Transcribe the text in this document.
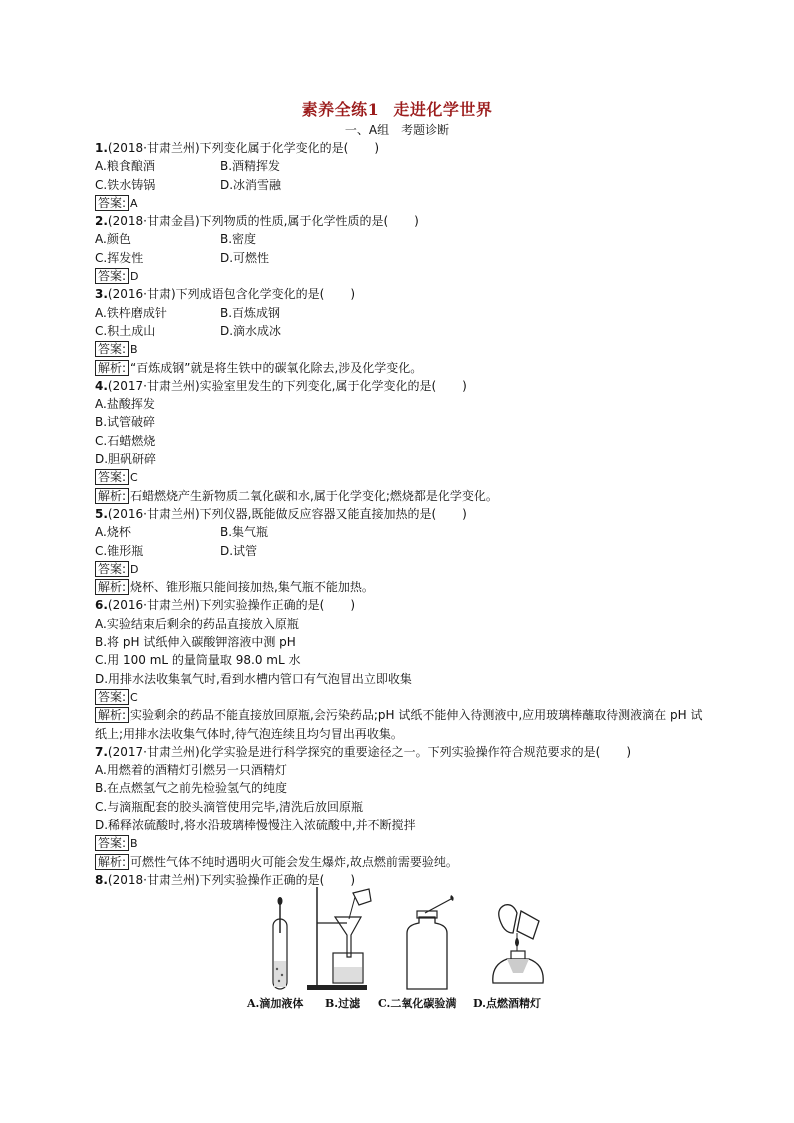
素养全练1 走进化学世界
一、A组 考题诊断
1.(2018·甘肃兰州)下列变化属于化学变化的是( )
A.粮食酿酒	B.酒精挥发
C.铁水铸锅	D.冰消雪融
答案: A
2.(2018·甘肃金昌)下列物质的性质,属于化学性质的是( )
A.颜色	B.密度
C.挥发性	D.可燃性
答案: D
3.(2016·甘肃)下列成语包含化学变化的是( )
A.铁杵磨成针	B.百炼成钢
C.积土成山	D.滴水成冰
答案: B
解析: “百炼成钢”就是将生铁中的碳氧化除去,涉及化学变化。
4.(2017·甘肃兰州)实验室里发生的下列变化,属于化学变化的是( )
A.盐酸挥发
B.试管破碎
C.石蜡燃烧
D.胆矾研碎
答案: C
解析: 石蜡燃烧产生新物质二氧化碳和水,属于化学变化;燃烧都是化学变化。
5.(2016·甘肃兰州)下列仪器,既能做反应容器又能直接加热的是( )
A.烧杯	B.集气瓶
C.锥形瓶	D.试管
答案: D
解析: 烧杯、锥形瓶只能间接加热,集气瓶不能加热。
6.(2016·甘肃兰州)下列实验操作正确的是( )
A.实验结束后剩余的药品直接放入原瓶
B.将 pH 试纸伸入碳酸钾溶液中测 pH
C.用 100 mL 的量筒量取 98.0 mL 水
D.用排水法收集氧气时,看到水槽内管口有气泡冒出立即收集
答案: C
解析: 实验剩余的药品不能直接放回原瓶,会污染药品;pH 试纸不能伸入待测液中,应用玻璃棒蘸取待测液滴在 pH 试纸上;用排水法收集气体时,待气泡连续且均匀冒出再收集。
7.(2017·甘肃兰州)化学实验是进行科学探究的重要途径之一。下列实验操作符合规范要求的是( )
A.用燃着的酒精灯引燃另一只酒精灯
B.在点燃氢气之前先检验氢气的纯度
C.与滴瓶配套的胶头滴管使用完毕,清洗后放回原瓶
D.稀释浓硫酸时,将水沿玻璃棒慢慢注入浓硫酸中,并不断搅拌
答案: B
解析: 可燃性气体不纯时遇明火可能会发生爆炸,故点燃前需要验纯。
8.(2018·甘肃兰州)下列实验操作正确的是( )
A.滴加液体 B.过滤 C.二氧化碳验满 D.点燃酒精灯
